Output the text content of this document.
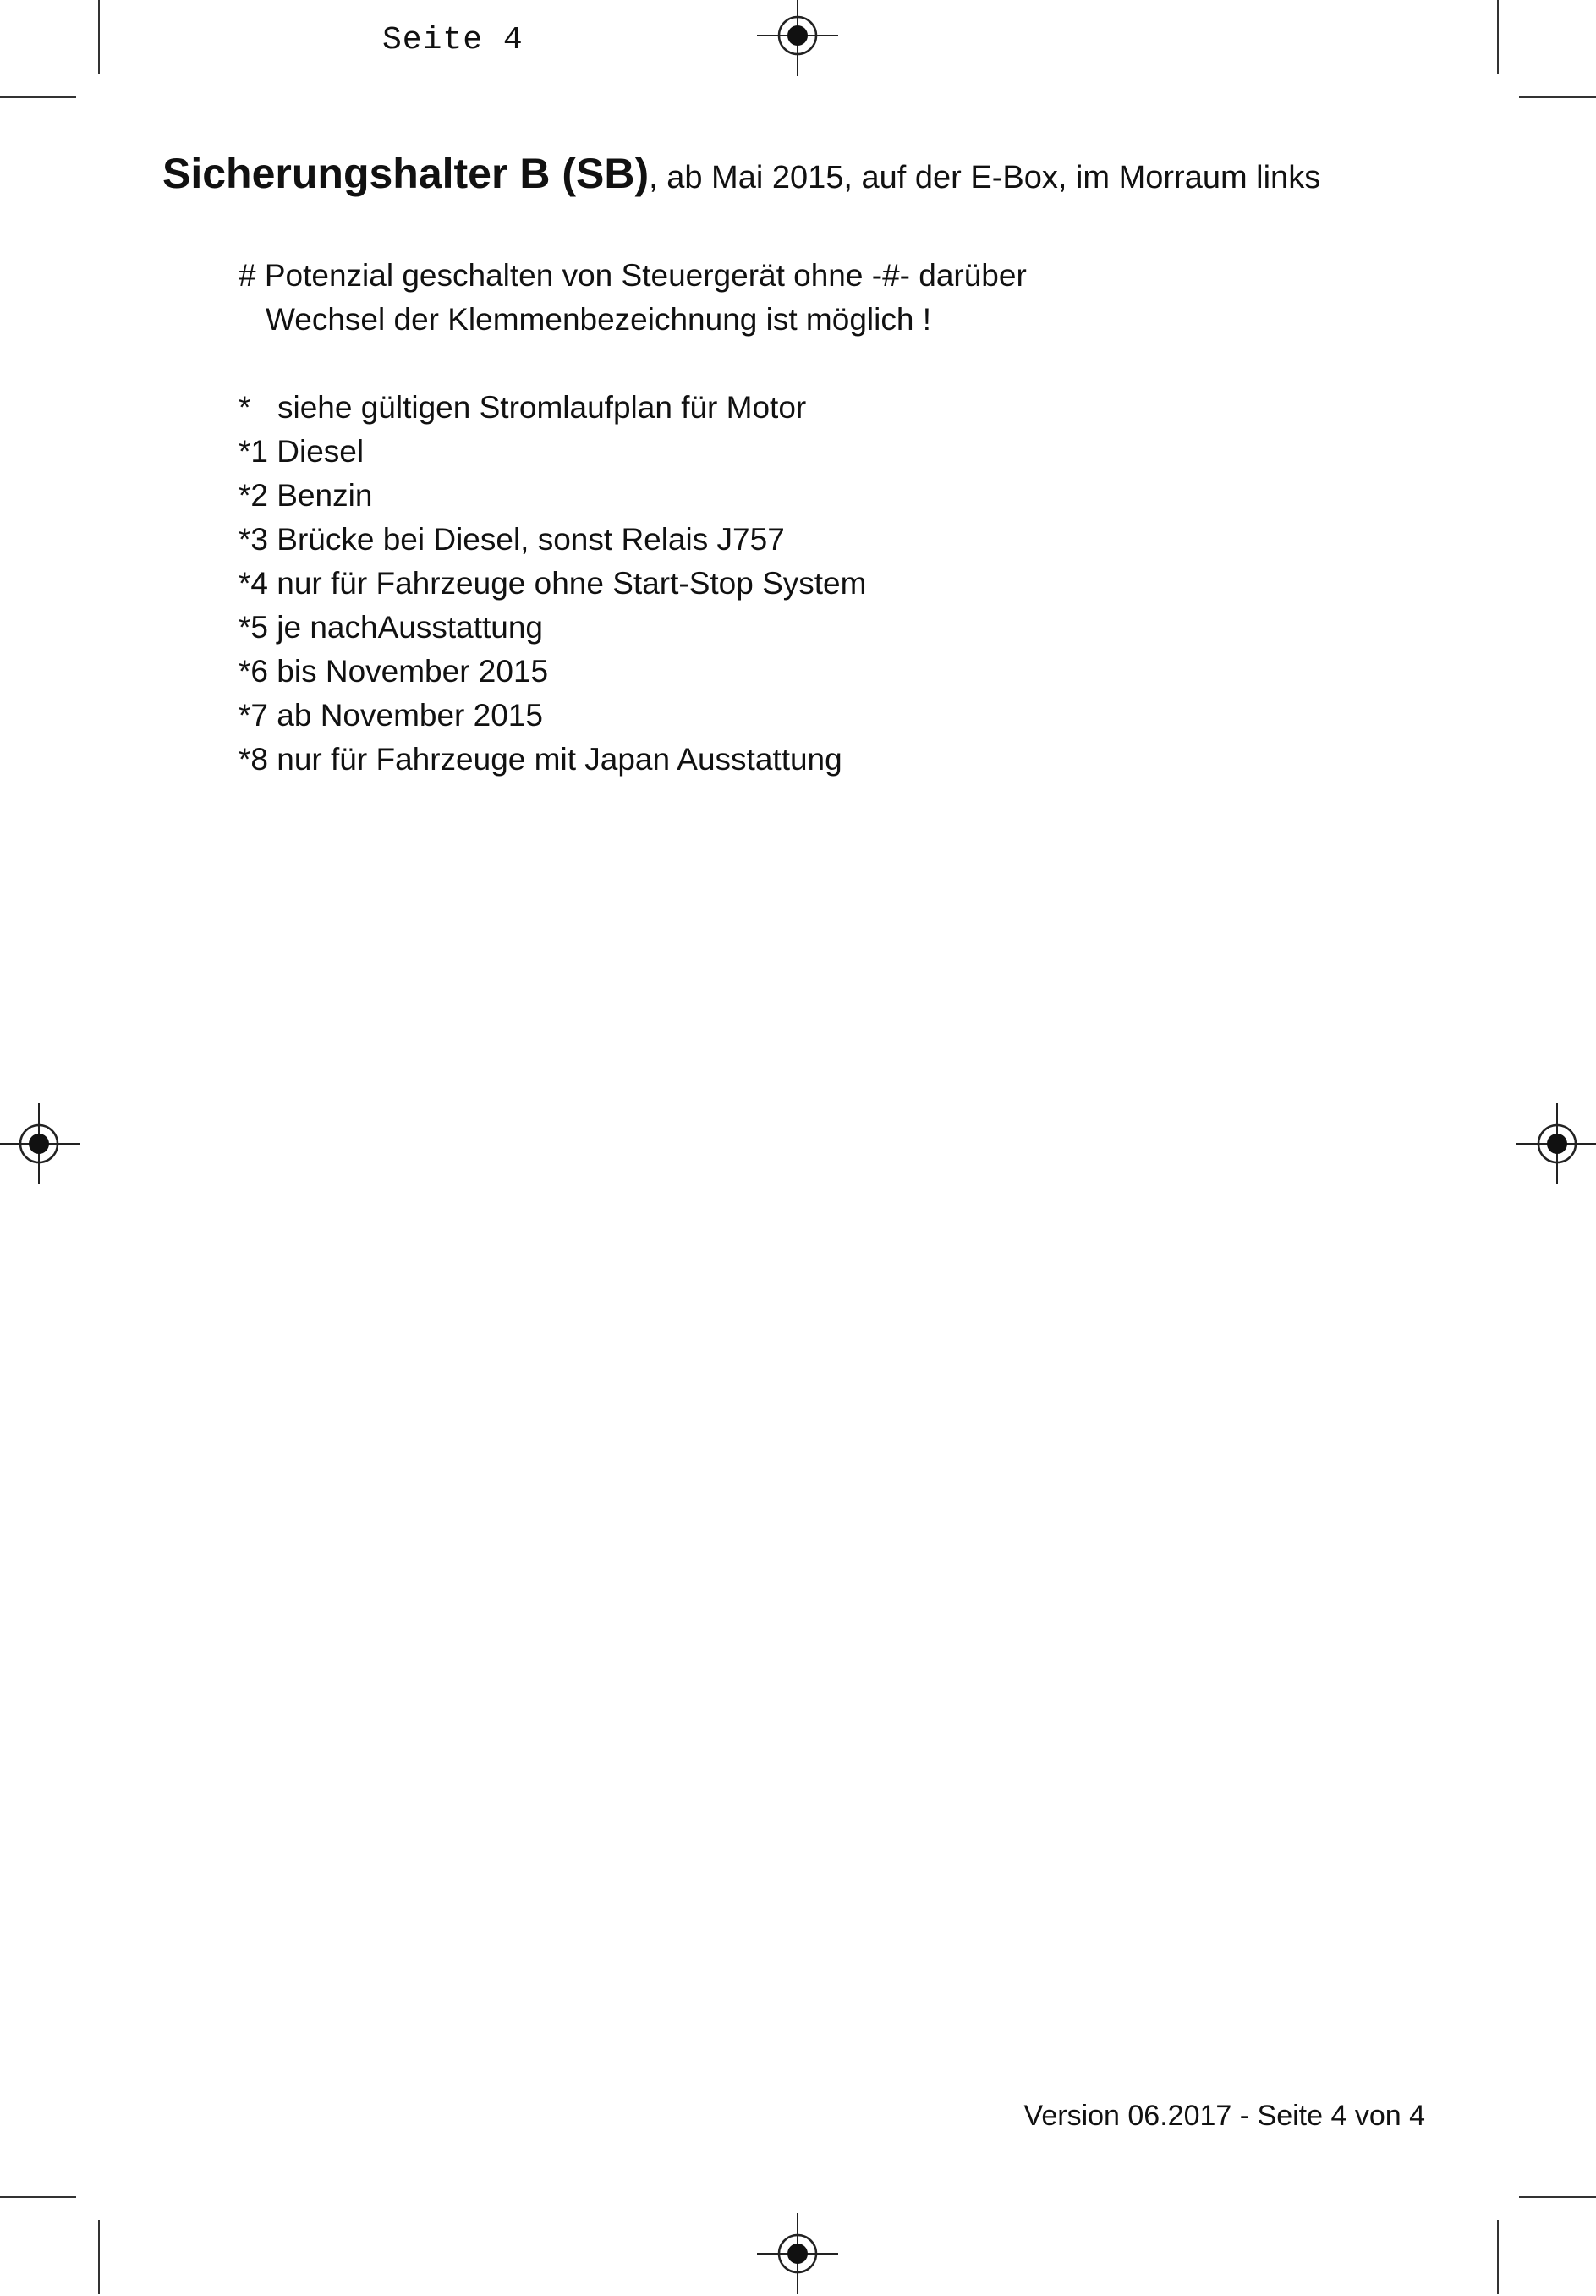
Seite 4

Sicherungshalter B (SB), ab Mai 2015, auf der E-Box, im Morraum links
# Potenzial geschalten von Steuergerät ohne -#- darüber
Wechsel der Klemmenbezeichnung ist möglich !
* siehe gültigen Stromlaufplan für Motor
*1 Diesel
*2 Benzin
*3 Brücke bei Diesel, sonst Relais J757
*4 nur für Fahrzeuge ohne Start-Stop System
*5 je nachAusstattung
*6 bis November 2015
*7 ab November 2015
*8 nur für Fahrzeuge mit Japan Ausstattung

Version 06.2017 - Seite 4 von 4
